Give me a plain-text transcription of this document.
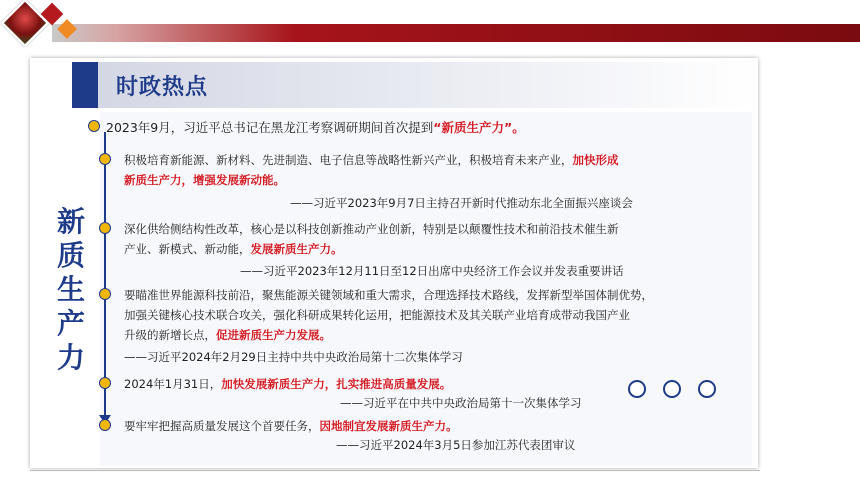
时政热点
新
质
生
产
力
2023年9月，习近平总书记在黑龙江考察调研期间首次提到“新质生产力”。
积极培育新能源、新材料、先进制造、电子信息等战略性新兴产业，积极培育未来产业，加快形成
新质生产力，增强发展新动能。
——习近平2023年9月7日主持召开新时代推动东北全面振兴座谈会
深化供给侧结构性改革，核心是以科技创新推动产业创新，特别是以颠覆性技术和前沿技术催生新
产业、新模式、新动能，发展新质生产力。
——习近平2023年12月11日至12日出席中央经济工作会议并发表重要讲话
要瞄准世界能源科技前沿，聚焦能源关键领域和重大需求，合理选择技术路线，发挥新型举国体制优势，
加强关键核心技术联合攻关，强化科研成果转化运用，把能源技术及其关联产业培育成带动我国产业
升级的新增长点，促进新质生产力发展。
——习近平2024年2月29日主持中共中央政治局第十二次集体学习
2024年1月31日，加快发展新质生产力，扎实推进高质量发展。
——习近平在中共中央政治局第十一次集体学习
要牢牢把握高质量发展这个首要任务，因地制宜发展新质生产力。
——习近平2024年3月5日参加江苏代表团审议
